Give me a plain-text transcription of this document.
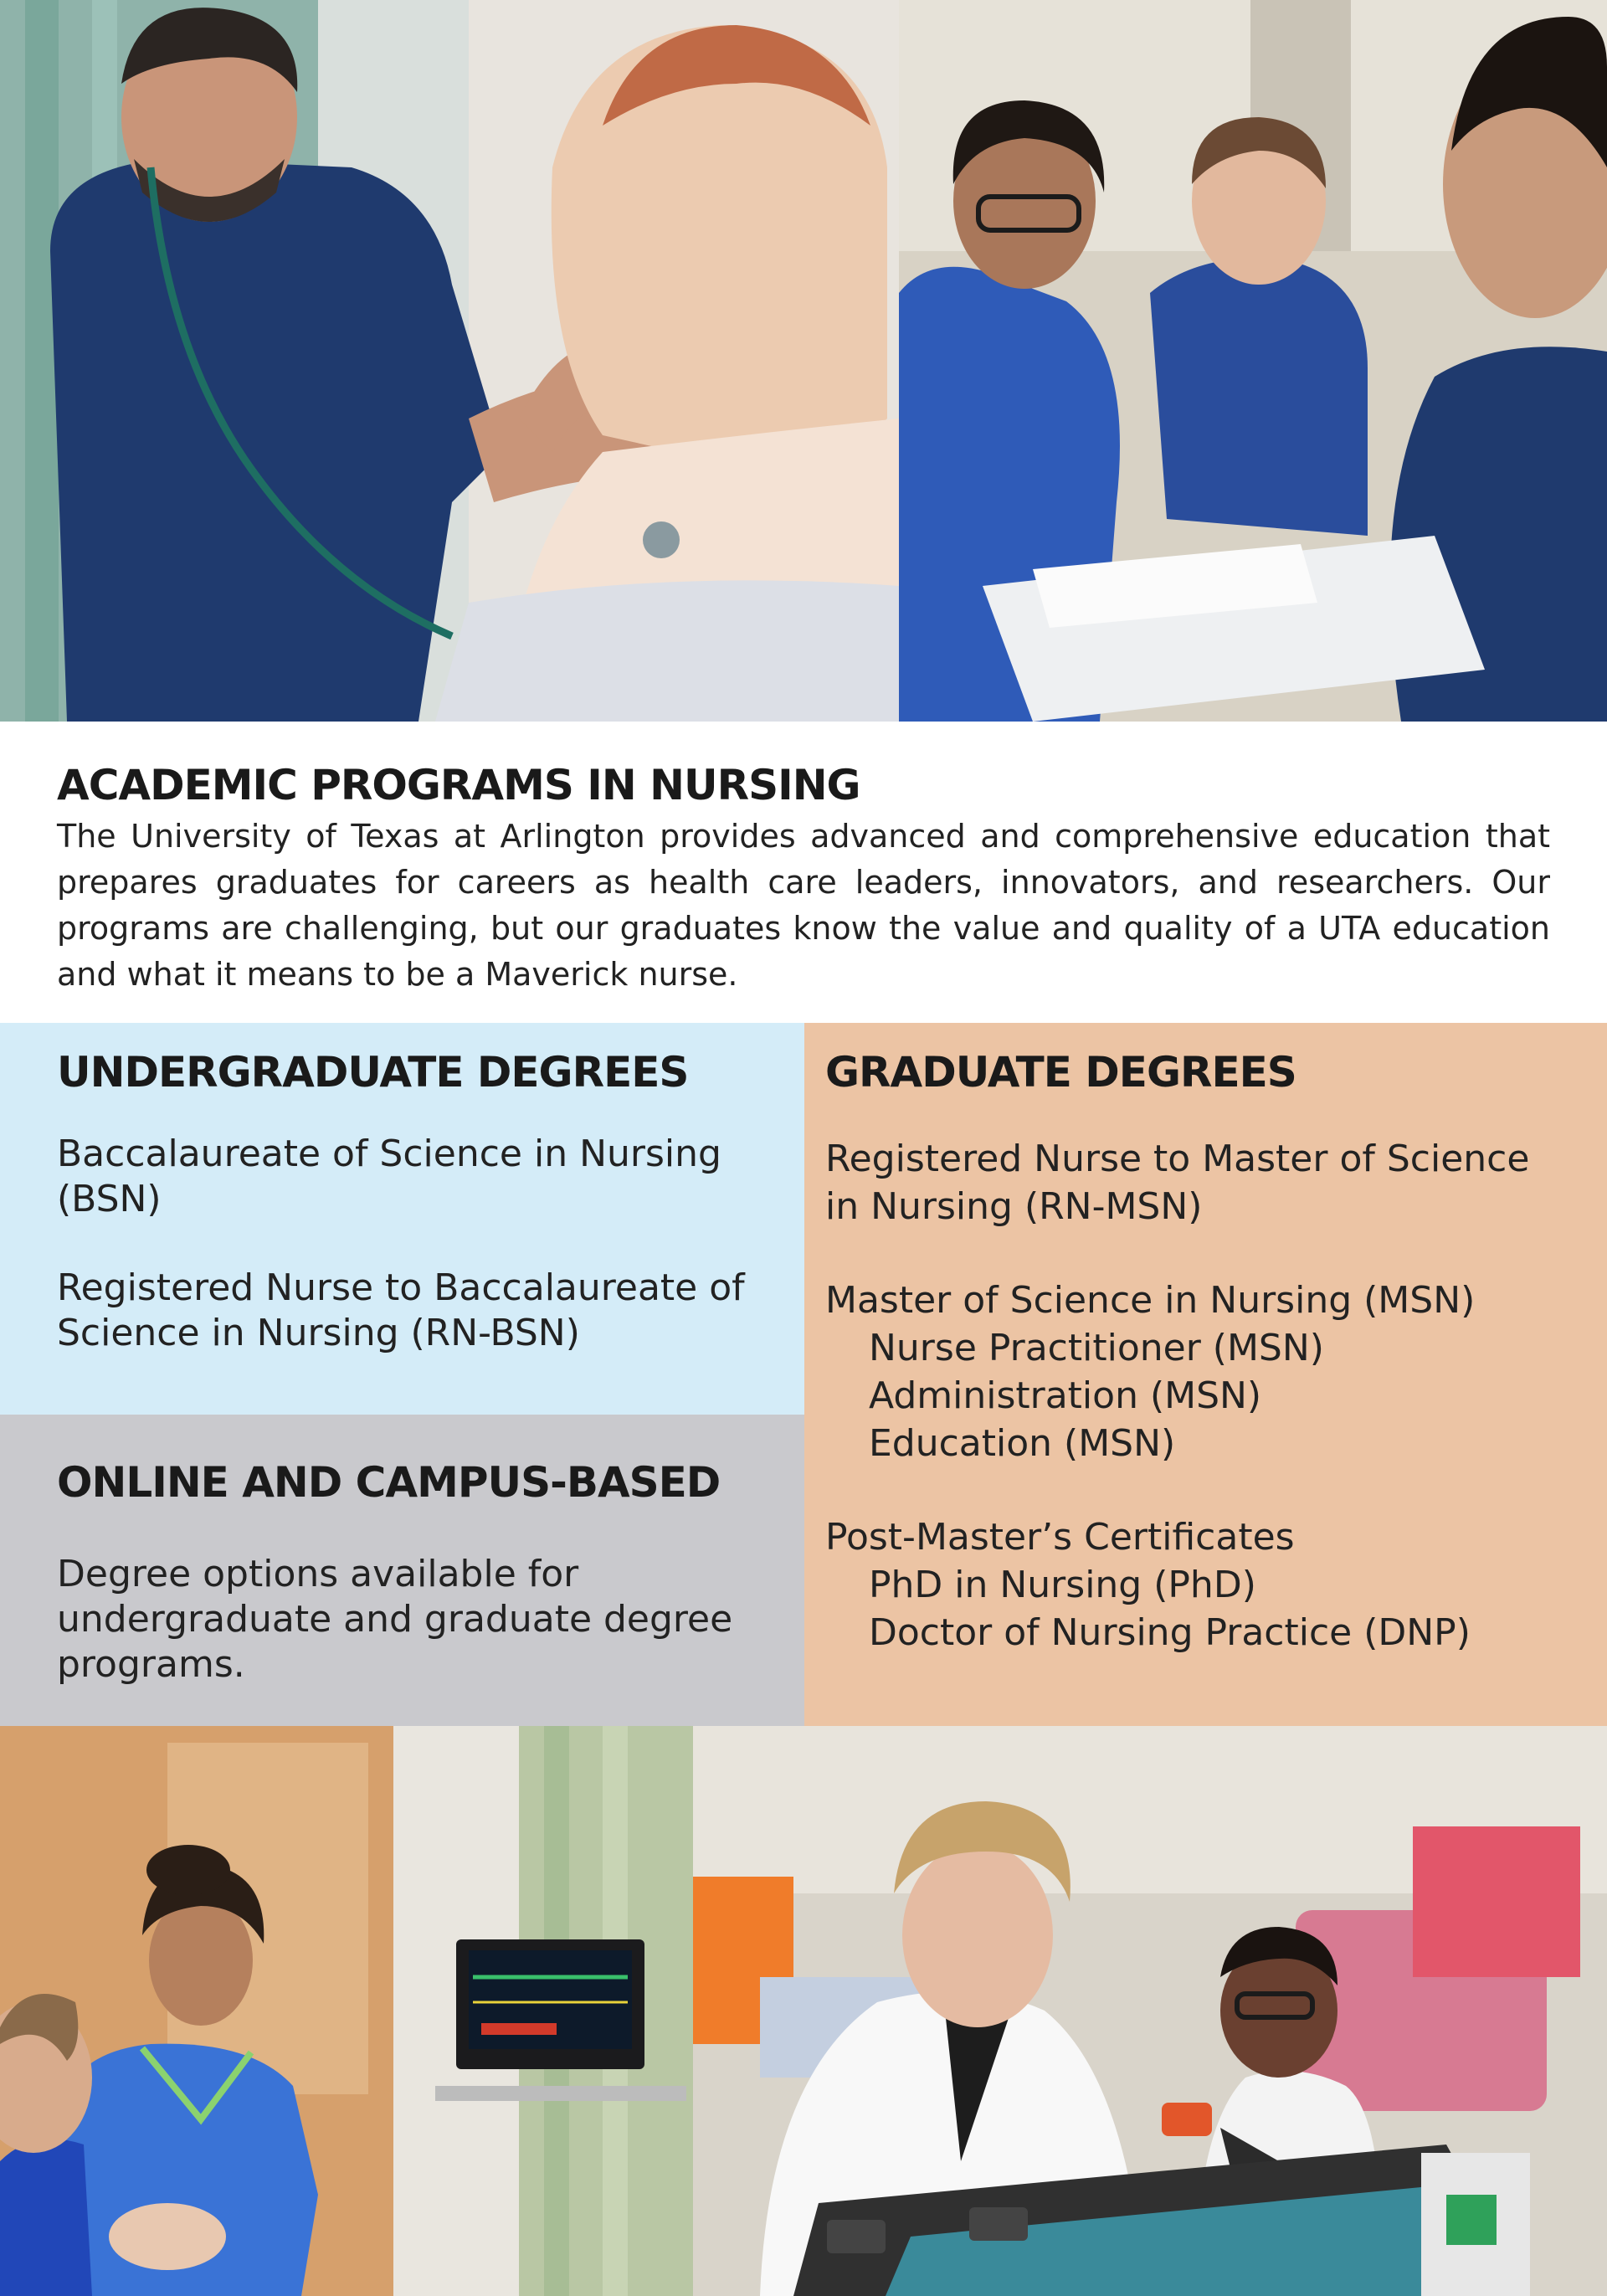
ACADEMIC PROGRAMS IN NURSING

The University of Texas at Arlington provides advanced and comprehensive education that prepares graduates for careers as health care leaders, innovators, and researchers. Our programs are challenging, but our graduates know the value and quality of a UTA education and what it means to be a Maverick nurse.

UNDERGRADUATE DEGREES
Baccalaureate of Science in Nursing (BSN)
Registered Nurse to Baccalaureate of Science in Nursing (RN-BSN)
ONLINE AND CAMPUS-BASED

Degree options available for undergraduate and graduate degree programs.

GRADUATE DEGREES
Registered Nurse to Master of Science in Nursing (RN-MSN)
Master of Science in Nursing (MSN)
Nurse Practitioner (MSN)
Administration (MSN)
Education (MSN)
Post-Master’s Certificates
PhD in Nursing (PhD)
Doctor of Nursing Practice (DNP)
